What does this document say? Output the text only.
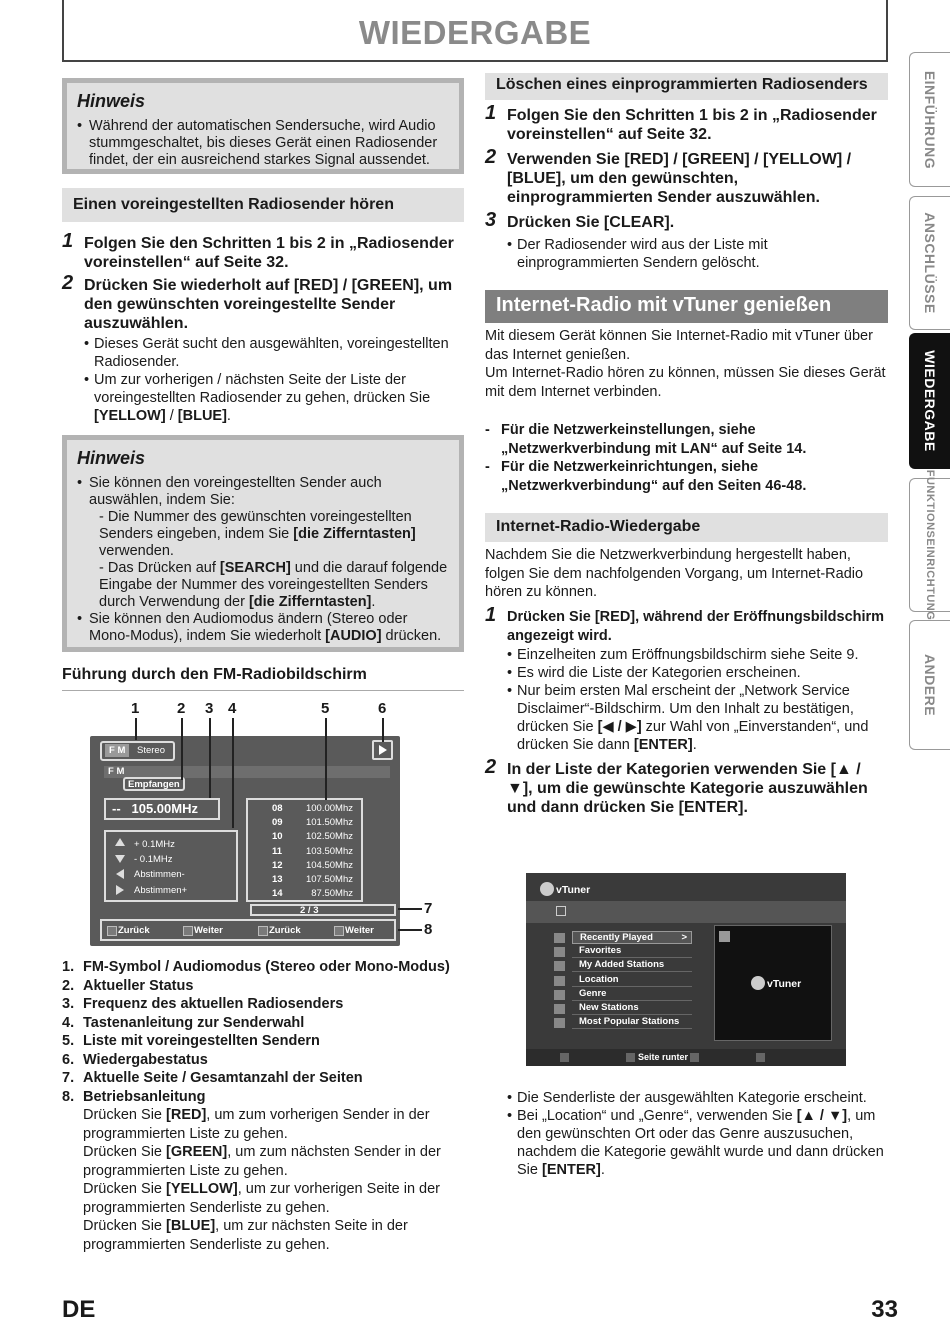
WIEDERGABE
EINFÜHRUNG
ANSCHLÜSSE
WIEDERGABE
FUNKTIONSEINRICHTUNG
ANDERE
Hinweis
• Während der automatischen Sendersuche, wird Audio stummgeschaltet, bis dieses Gerät einen Radiosender findet, der ein ausreichend starkes Signal aussendet.
Einen voreingestellten Radiosender hören
1 Folgen Sie den Schritten 1 bis 2 in „Radiosender voreinstellen“ auf Seite 32.
2 Drücken Sie wiederholt auf [RED] / [GREEN], um den gewünschten voreingestellte Sender auszuwählen.
• Dieses Gerät sucht den ausgewählten, voreingestellten Radiosender.
• Um zur vorherigen / nächsten Seite der Liste der voreingestellten Radiosender zu gehen, drücken Sie [YELLOW] / [BLUE].
Hinweis
• Sie können den voreingestellten Sender auch auswählen, indem Sie:
- Die Nummer des gewünschten voreingestellten Senders eingeben, indem Sie [die Zifferntasten] verwenden.
- Das Drücken auf [SEARCH] und die darauf folgende Eingabe der Nummer des voreingestellten Senders durch Verwendung der [die Zifferntasten].
• Sie können den Audiomodus ändern (Stereo oder Mono-Modus), indem Sie wiederholt [AUDIO] drücken.
Führung durch den FM-Radiobildschirm
1	2 3 4	5	6
7
8
F M Stereo
F M
Empfangen
--   105.00MHz
+ 0.1MHz
- 0.1MHz
Abstimmen-
Abstimmen+
08 100.00Mhz
09 101.50Mhz
10 102.50Mhz
11	103.50Mhz
12 104.50Mhz
13 107.50Mhz
14	87.50Mhz
2 / 3
Zurück	Weiter	Zurück	Weiter
1. FM-Symbol / Audiomodus (Stereo oder Mono-Modus)
2. Aktueller Status
3. Frequenz des aktuellen Radiosenders
4. Tastenanleitung zur Senderwahl
5. Liste mit voreingestellten Sendern
6. Wiedergabestatus
7. Aktuelle Seite / Gesamtanzahl der Seiten
8. Betriebsanleitung
Drücken Sie [RED], um zum vorherigen Sender in der programmierten Liste zu gehen.
Drücken Sie [GREEN], um zum nächsten Sender in der programmierten Liste zu gehen.
Drücken Sie [YELLOW], um zur vorherigen Seite in der programmierten Senderliste zu gehen.
Drücken Sie [BLUE], um zur nächsten Seite in der programmierten Senderliste zu gehen.
Löschen eines einprogrammierten Radiosenders
1 Folgen Sie den Schritten 1 bis 2 in „Radiosender voreinstellen“ auf Seite 32.
2 Verwenden Sie [RED] / [GREEN] / [YELLOW] / [BLUE], um den gewünschten, einprogrammierten Sender auszuwählen.
3 Drücken Sie [CLEAR].
• Der Radiosender wird aus der Liste mit einprogrammierten Sendern gelöscht.
Internet-Radio mit vTuner genießen
Mit diesem Gerät können Sie Internet-Radio mit vTuner über das Internet genießen.
Um Internet-Radio hören zu können, müssen Sie dieses Gerät mit dem Internet verbinden.
- Für die Netzwerkeinstellungen, siehe „Netzwerkverbindung mit LAN“ auf Seite 14.
- Für die Netzwerkeinrichtungen, siehe „Netzwerkverbindung“ auf den Seiten 46-48.
Internet-Radio-Wiedergabe
Nachdem Sie die Netzwerkverbindung hergestellt haben, folgen Sie dem nachfolgenden Vorgang, um Internet-Radio hören zu können.
1 Drücken Sie [RED], während der Eröffnungsbildschirm angezeigt wird.
• Einzelheiten zum Eröffnungsbildschirm siehe Seite 9.
• Es wird die Liste der Kategorien erscheinen.
• Nur beim ersten Mal erscheint der „Network Service Disclaimer“-Bildschirm. Um den Inhalt zu bestätigen, drücken Sie [◀ / ▶] zur Wahl von „Einverstanden“, und drücken Sie dann [ENTER].
2 In der Liste der Kategorien verwenden Sie [▲ / ▼], um die gewünschte Kategorie auszuwählen und dann drücken Sie [ENTER].
vTuner
Recently Played	>
Favorites
My Added Stations
Location
Genre
New Stations
Most Popular Stations
vTuner
Seite runter
• Die Senderliste der ausgewählten Kategorie erscheint.
• Bei „Location“ und „Genre“, verwenden Sie [▲ / ▼], um den gewünschten Ort oder das Genre auszusuchen, nachdem die Kategorie gewählt wurde und dann drücken Sie [ENTER].
DE	33
